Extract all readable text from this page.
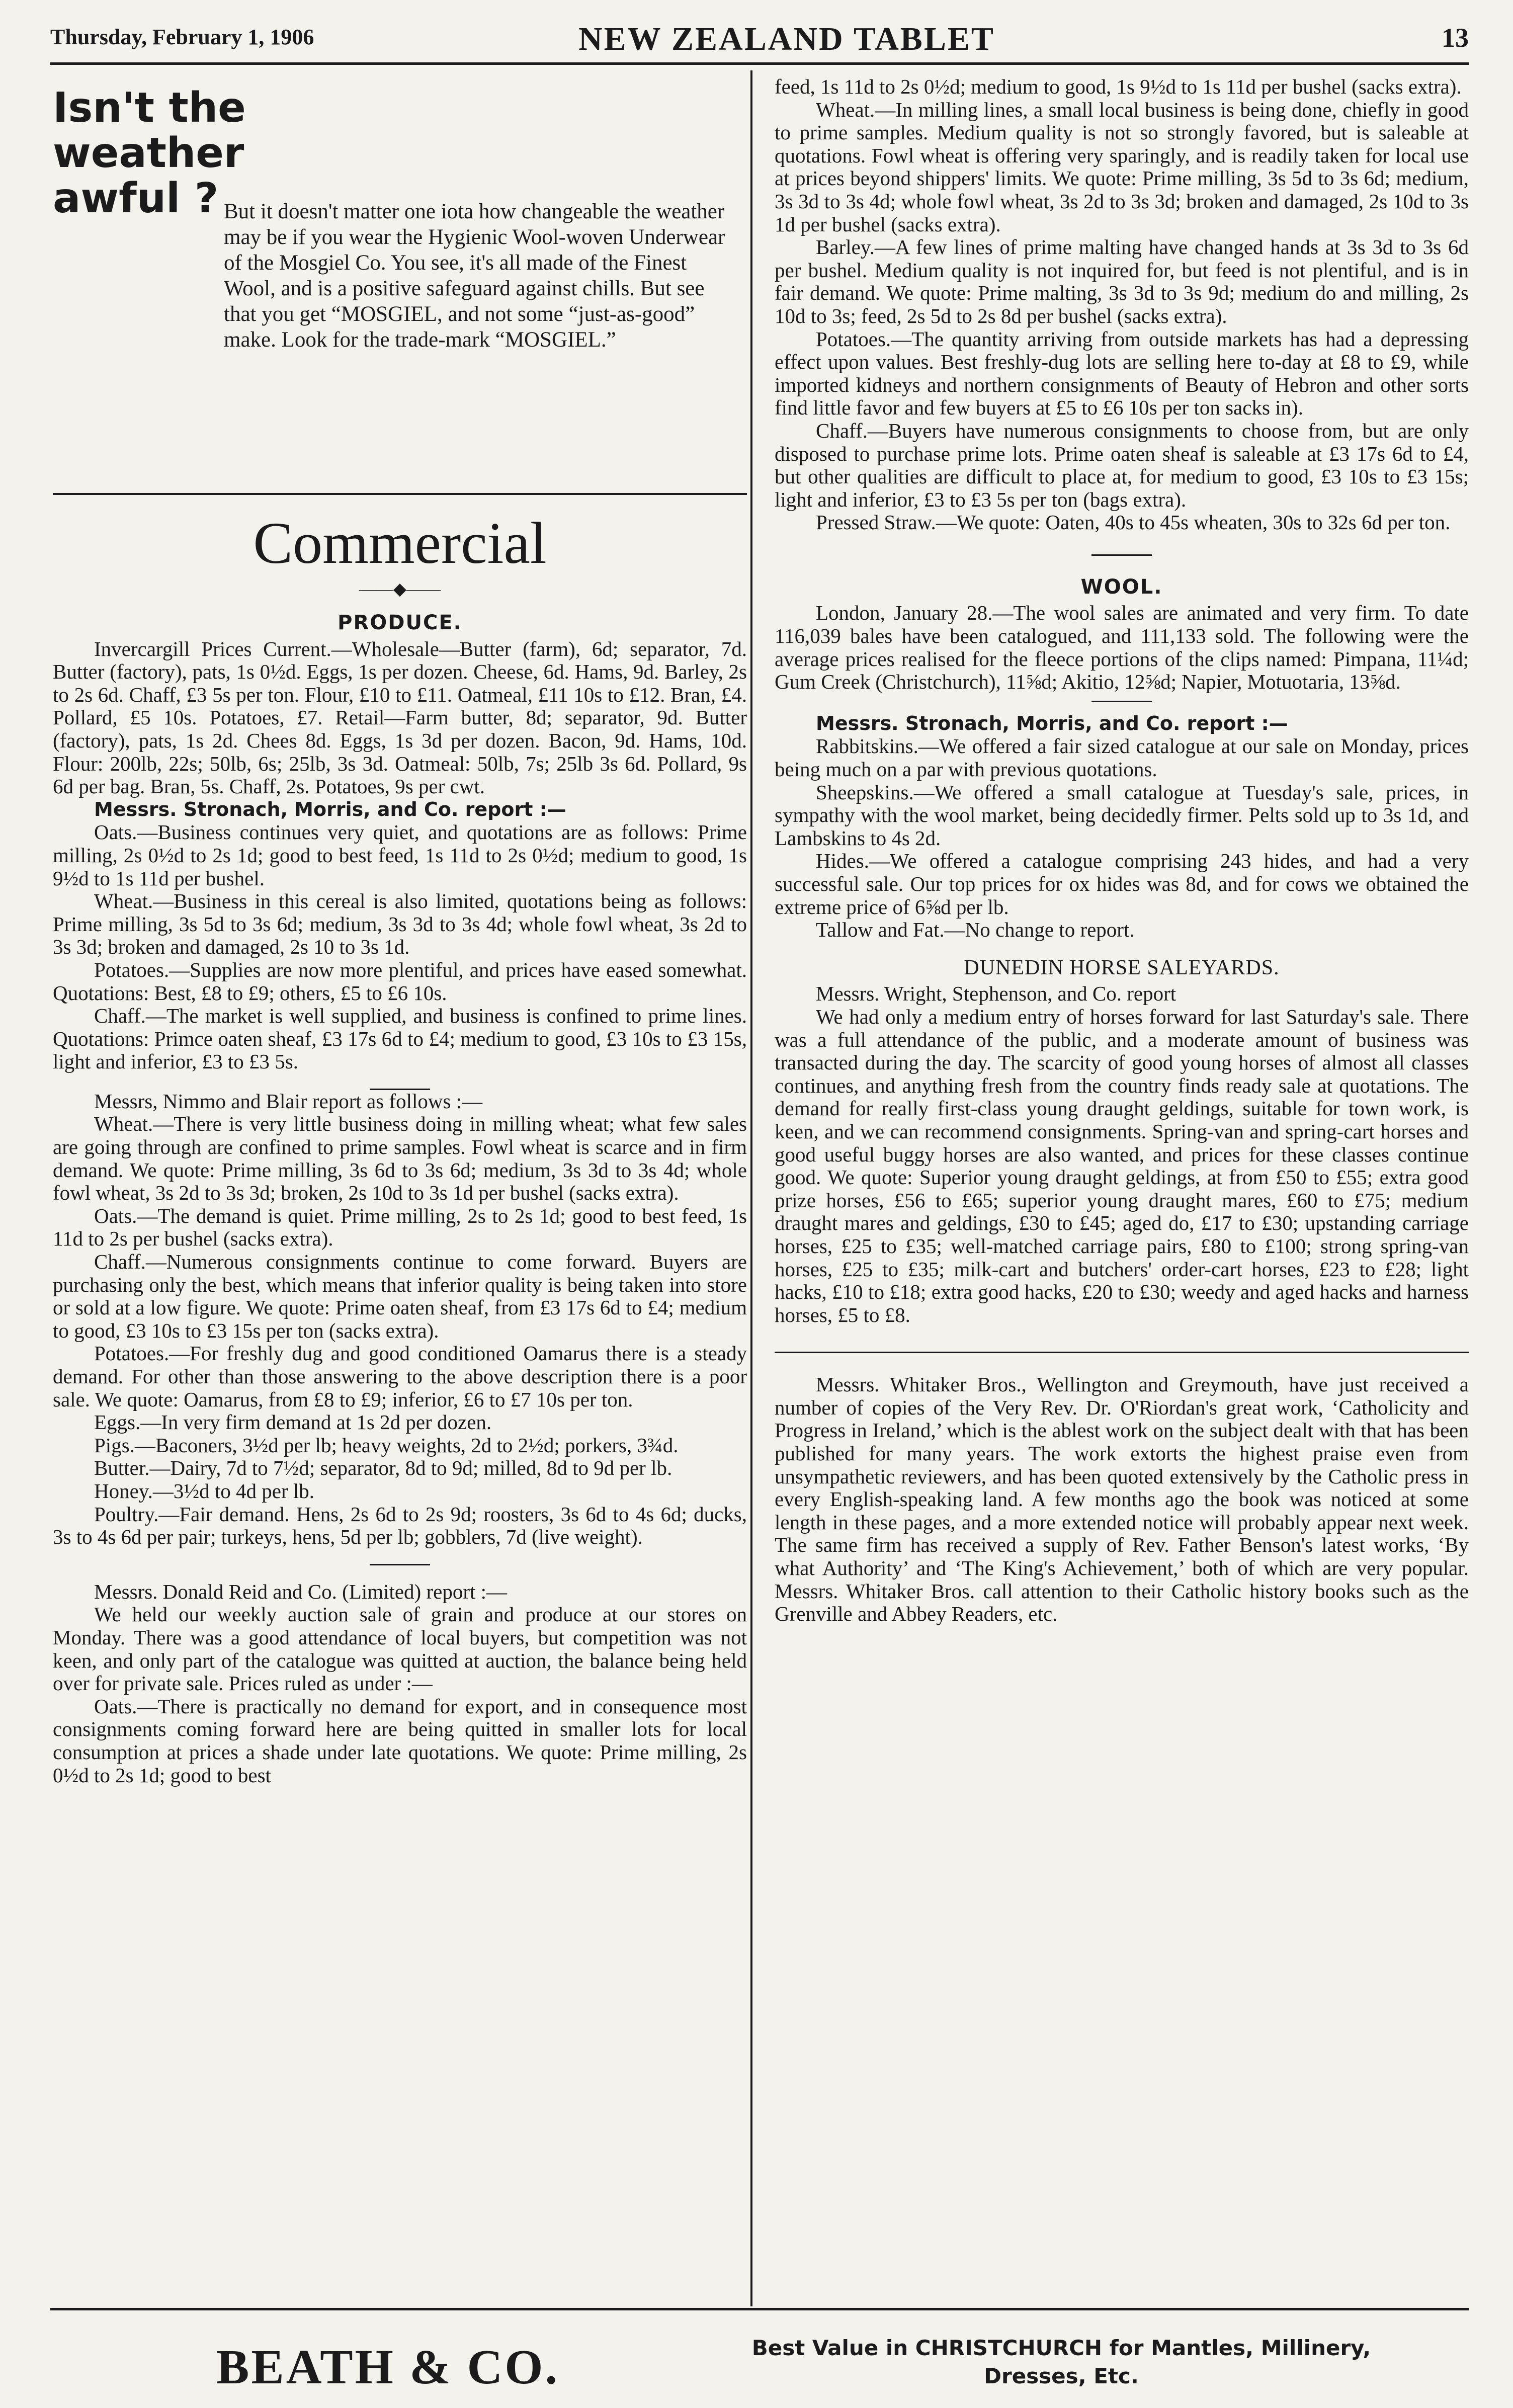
Thursday, February 1, 1906	NEW ZEALAND TABLET	13
Isn't the
weather
awful ? But it doesn't matter one iota how changeable the weather may be if you wear the Hygienic Wool-woven Underwear of the Mosgiel Co. You see, it's all made of the Finest Wool, and is a positive safeguard against chills. But see that you get “MOSGIEL, and not some “just-as-good” make. Look for the trade-mark “MOSGIEL.”
Commercial
——◆——
PRODUCE.

Invercargill Prices Current.—Wholesale—Butter (farm), 6d; separator, 7d. Butter (factory), pats, 1s 0½d. Eggs, 1s per dozen. Cheese, 6d. Hams, 9d. Barley, 2s to 2s 6d. Chaff, £3 5s per ton. Flour, £10 to £11. Oatmeal, £11 10s to £12. Bran, £4. Pollard, £5 10s. Potatoes, £7. Retail—Farm butter, 8d; separator, 9d. Butter (factory), pats, 1s 2d. Chees 8d. Eggs, 1s 3d per dozen. Bacon, 9d. Hams, 10d. Flour: 200lb, 22s; 50lb, 6s; 25lb, 3s 3d. Oatmeal: 50lb, 7s; 25lb 3s 6d. Pollard, 9s 6d per bag. Bran, 5s. Chaff, 2s. Potatoes, 9s per cwt.

Messrs. Stronach, Morris, and Co. report :—

Oats.—Business continues very quiet, and quotations are as follows: Prime milling, 2s 0½d to 2s 1d; good to best feed, 1s 11d to 2s 0½d; medium to good, 1s 9½d to 1s 11d per bushel.

Wheat.—Business in this cereal is also limited, quotations being as follows: Prime milling, 3s 5d to 3s 6d; medium, 3s 3d to 3s 4d; whole fowl wheat, 3s 2d to 3s 3d; broken and damaged, 2s 10 to 3s 1d.

Potatoes.—Supplies are now more plentiful, and prices have eased somewhat. Quotations: Best, £8 to £9; others, £5 to £6 10s.

Chaff.—The market is well supplied, and business is confined to prime lines. Quotations: Primce oaten sheaf, £3 17s 6d to £4; medium to good, £3 10s to £3 15s, light and inferior, £3 to £3 5s.

Messrs, Nimmo and Blair report as follows :—

Wheat.—There is very little business doing in milling wheat; what few sales are going through are confined to prime samples. Fowl wheat is scarce and in firm demand. We quote: Prime milling, 3s 6d to 3s 6d; medium, 3s 3d to 3s 4d; whole fowl wheat, 3s 2d to 3s 3d; broken, 2s 10d to 3s 1d per bushel (sacks extra).

Oats.—The demand is quiet. Prime milling, 2s to 2s 1d; good to best feed, 1s 11d to 2s per bushel (sacks extra).

Chaff.—Numerous consignments continue to come forward. Buyers are purchasing only the best, which means that inferior quality is being taken into store or sold at a low figure. We quote: Prime oaten sheaf, from £3 17s 6d to £4; medium to good, £3 10s to £3 15s per ton (sacks extra).

Potatoes.—For freshly dug and good conditioned Oamarus there is a steady demand. For other than those answering to the above description there is a poor sale. We quote: Oamarus, from £8 to £9; inferior, £6 to £7 10s per ton.

Eggs.—In very firm demand at 1s 2d per dozen.

Pigs.—Baconers, 3½d per lb; heavy weights, 2d to 2½d; porkers, 3¾d.

Butter.—Dairy, 7d to 7½d; separator, 8d to 9d; milled, 8d to 9d per lb.

Honey.—3½d to 4d per lb.

Poultry.—Fair demand. Hens, 2s 6d to 2s 9d; roosters, 3s 6d to 4s 6d; ducks, 3s to 4s 6d per pair; turkeys, hens, 5d per lb; gobblers, 7d (live weight).

Messrs. Donald Reid and Co. (Limited) report :—

We held our weekly auction sale of grain and produce at our stores on Monday. There was a good attendance of local buyers, but competition was not keen, and only part of the catalogue was quitted at auction, the balance being held over for private sale. Prices ruled as under :—

Oats.—There is practically no demand for export, and in consequence most consignments coming forward here are being quitted in smaller lots for local consumption at prices a shade under late quotations. We quote: Prime milling, 2s 0½d to 2s 1d; good to best

feed, 1s 11d to 2s 0½d; medium to good, 1s 9½d to 1s 11d per bushel (sacks extra).

Wheat.—In milling lines, a small local business is being done, chiefly in good to prime samples. Medium quality is not so strongly favored, but is saleable at quotations. Fowl wheat is offering very sparingly, and is readily taken for local use at prices beyond shippers' limits. We quote: Prime milling, 3s 5d to 3s 6d; medium, 3s 3d to 3s 4d; whole fowl wheat, 3s 2d to 3s 3d; broken and damaged, 2s 10d to 3s 1d per bushel (sacks extra).

Barley.—A few lines of prime malting have changed hands at 3s 3d to 3s 6d per bushel. Medium quality is not inquired for, but feed is not plentiful, and is in fair demand. We quote: Prime malting, 3s 3d to 3s 9d; medium do and milling, 2s 10d to 3s; feed, 2s 5d to 2s 8d per bushel (sacks extra).

Potatoes.—The quantity arriving from outside markets has had a depressing effect upon values. Best freshly-dug lots are selling here to-day at £8 to £9, while imported kidneys and northern consignments of Beauty of Hebron and other sorts find little favor and few buyers at £5 to £6 10s per ton sacks in).

Chaff.—Buyers have numerous consignments to choose from, but are only disposed to purchase prime lots. Prime oaten sheaf is saleable at £3 17s 6d to £4, but other qualities are difficult to place at, for medium to good, £3 10s to £3 15s; light and inferior, £3 to £3 5s per ton (bags extra).

Pressed Straw.—We quote: Oaten, 40s to 45s wheaten, 30s to 32s 6d per ton.

WOOL.

London, January 28.—The wool sales are animated and very firm. To date 116,039 bales have been catalogued, and 111,133 sold. The following were the average prices realised for the fleece portions of the clips named: Pimpana, 11¼d; Gum Creek (Christchurch), 11⅝d; Akitio, 12⅝d; Napier, Motuotaria, 13⅝d.

Messrs. Stronach, Morris, and Co. report :—

Rabbitskins.—We offered a fair sized catalogue at our sale on Monday, prices being much on a par with previous quotations.

Sheepskins.—We offered a small catalogue at Tuesday's sale, prices, in sympathy with the wool market, being decidedly firmer. Pelts sold up to 3s 1d, and Lambskins to 4s 2d.

Hides.—We offered a catalogue comprising 243 hides, and had a very successful sale. Our top prices for ox hides was 8d, and for cows we obtained the extreme price of 6⅝d per lb.

Tallow and Fat.—No change to report.

DUNEDIN HORSE SALEYARDS.

Messrs. Wright, Stephenson, and Co. report

We had only a medium entry of horses forward for last Saturday's sale. There was a full attendance of the public, and a moderate amount of business was transacted during the day. The scarcity of good young horses of almost all classes continues, and anything fresh from the country finds ready sale at quotations. The demand for really first-class young draught geldings, suitable for town work, is keen, and we can recommend consignments. Spring-van and spring-cart horses and good useful buggy horses are also wanted, and prices for these classes continue good. We quote: Superior young draught geldings, at from £50 to £55; extra good prize horses, £56 to £65; superior young draught mares, £60 to £75; medium draught mares and geldings, £30 to £45; aged do, £17 to £30; upstanding carriage horses, £25 to £35; well-matched carriage pairs, £80 to £100; strong spring-van horses, £25 to £35; milk-cart and butchers' order-cart horses, £23 to £28; light hacks, £10 to £18; extra good hacks, £20 to £30; weedy and aged hacks and harness horses, £5 to £8.

Messrs. Whitaker Bros., Wellington and Greymouth, have just received a number of copies of the Very Rev. Dr. O'Riordan's great work, ‘Catholicity and Progress in Ireland,’ which is the ablest work on the subject dealt with that has been published for many years. The work extorts the highest praise even from unsympathetic reviewers, and has been quoted extensively by the Catholic press in every English-speaking land. A few months ago the book was noticed at some length in these pages, and a more extended notice will probably appear next week. The same firm has received a supply of Rev. Father Benson's latest works, ‘By what Authority’ and ‘The King's Achievement,’ both of which are very popular. Messrs. Whitaker Bros. call attention to their Catholic history books such as the Grenville and Abbey Readers, etc.

BEATH & CO.	Best Value in CHRISTCHURCH for Mantles, Millinery, Dresses, Etc.
